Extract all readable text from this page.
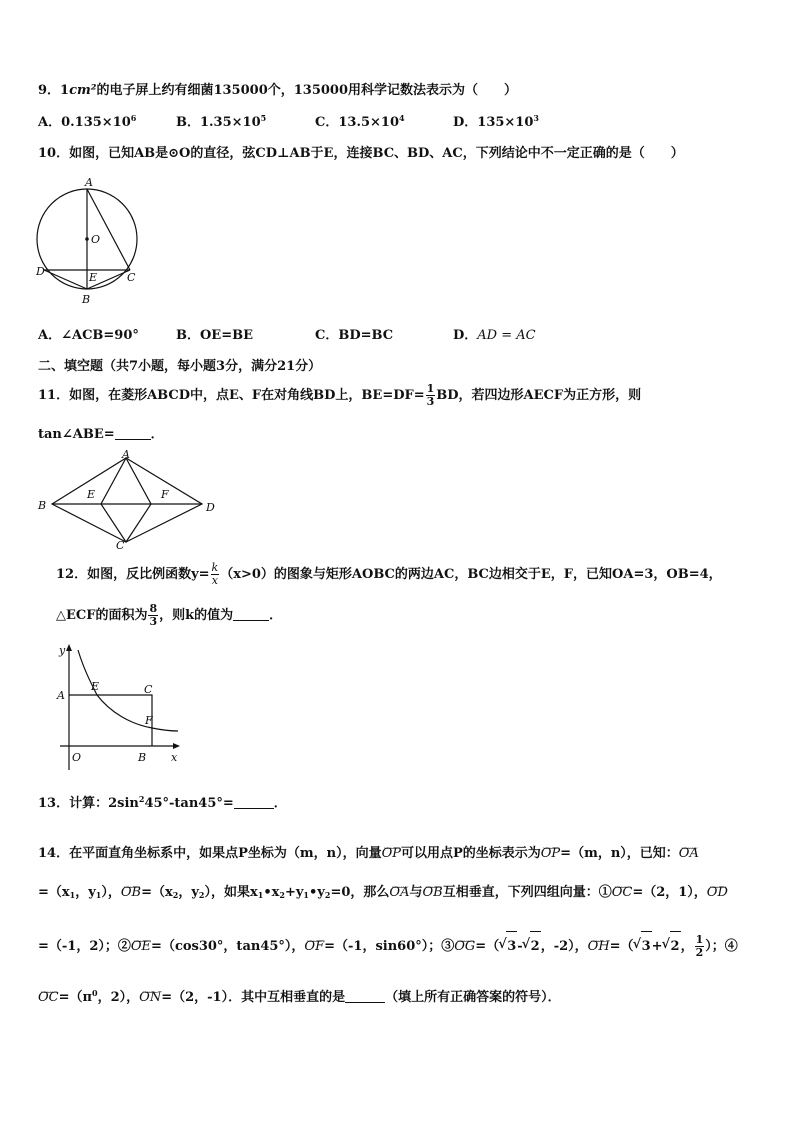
9．1cm²的电子屏上约有细菌135000个，135000用科学记数法表示为（　　）
A．$0.135\times 10^6$	B．$1.35\times 10^5$	C．$13.5\times 10^4$	D．$135\times 10^3$
10．如图，已知AB是⊙O的直径，弦CD⊥AB于E，连接BC、BD、AC，下列结论中不一定正确的是（　　）
A
O
D	E	C
B
A．∠ACB=90°	B．OE=BE	C．BD=BC	D．AD = AC
二、填空题（共7小题，每小题3分，满分21分）
11．如图，在菱形ABCD中，点E、F在对角线BD上，$BE=DF= \frac{1}{3}$ BD，若四边形AECF为正方形，则
tan∠ABE=	．
A
B
E	F
D
C
12．如图，反比例函数$y= \frac{k}{x} (x>0)$的图象与矩形AOBC的两边AC，BC边相交于E，F，已知OA=3，OB=4，
△ECF的面积为 $\frac{8}{3}$ ，则k的值为	．
y
A
E	C
F
O	B x
13．计算：$2\sin^245^\circ-\tan 45^\circ=$	．
14．在平面直角坐标系中，如果点P坐标为（m，n），向量‿‿‿ OP可以用点P的坐标表示为‿‿‿ OP=（m，n），已知：‿‿‿ OA
$=(x_1$，$y_1$），‿‿‿ $OB=(x_2$，$y_2$），如果$x_1•x_2+y_1•y_2=0$，那么‿‿‿ OA与‿‿‿ OB互相垂直，下列四组向量：①‿‿‿ OC=（2，1），‿‿‿ OD
=（-1，2）；②‿‿‿ OE=（cos30°，tan45°），‿‿‿ OF=（-1，sin60°）；③‿‿‿ OG=（ √ 3- √ 2，-2），‿‿‿ OH=（ √ 3+ √ 2， $\frac{1}{2}$ ）；④
‿‿‿ $OC=(\pi^0$，2），‿‿‿ ON=（2，-1）．其中互相垂直的是	（填上所有正确答案的符号）．
